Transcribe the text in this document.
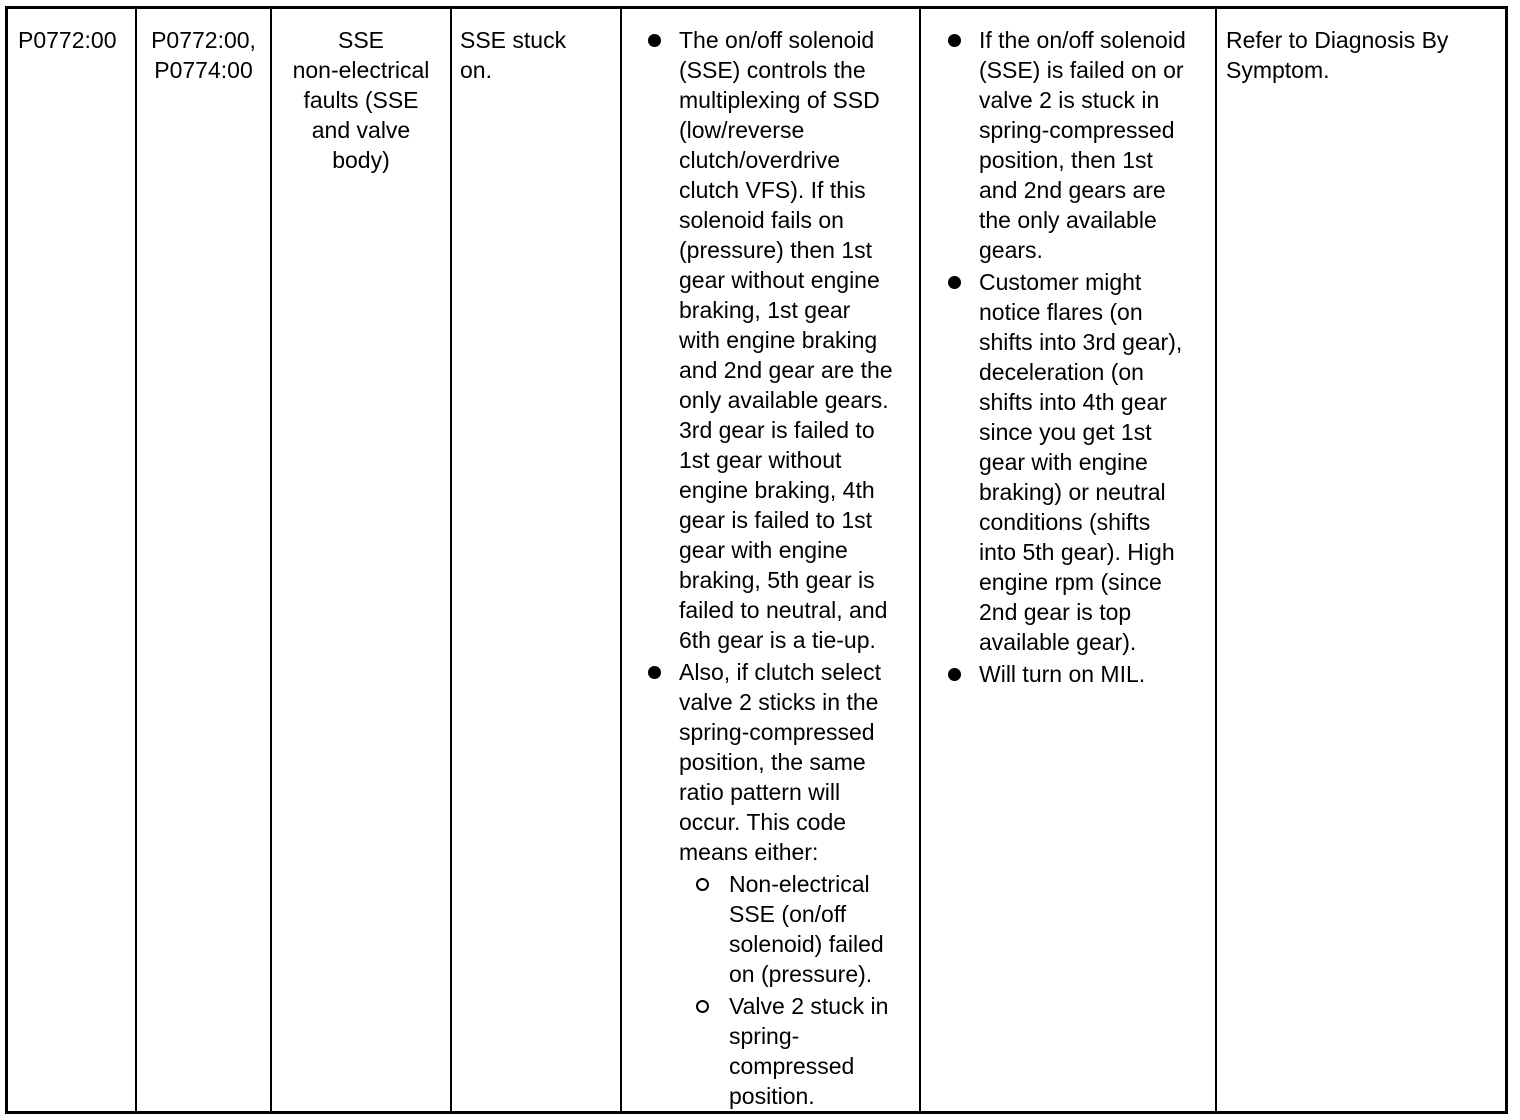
P0772:00	P0772:00,
P0774:00
SSE
non-electrical
faults (SSE
and valve
body)
SSE stuck
on.
The on/off solenoid
(SSE) controls the
multiplexing of SSD
(low/reverse
clutch/overdrive
clutch VFS). If this
solenoid fails on
(pressure) then 1st
gear without engine
braking, 1st gear
with engine braking
and 2nd gear are the
only available gears.
3rd gear is failed to
1st gear without
engine braking, 4th
gear is failed to 1st
gear with engine
braking, 5th gear is
failed to neutral, and
6th gear is a tie-up.
Also, if clutch select
valve 2 sticks in the
spring-compressed
position, the same
ratio pattern will
occur. This code
means either:
Non-electrical
SSE (on/off
solenoid) failed
on (pressure).
Valve 2 stuck in
spring-
compressed
position.
If the on/off solenoid
(SSE) is failed on or
valve 2 is stuck in
spring-compressed
position, then 1st
and 2nd gears are
the only available
gears.
Customer might
notice flares (on
shifts into 3rd gear),
deceleration (on
shifts into 4th gear
since you get 1st
gear with engine
braking) or neutral
conditions (shifts
into 5th gear). High
engine rpm (since
2nd gear is top
available gear).
Will turn on MIL.
Refer to Diagnosis By
Symptom.
